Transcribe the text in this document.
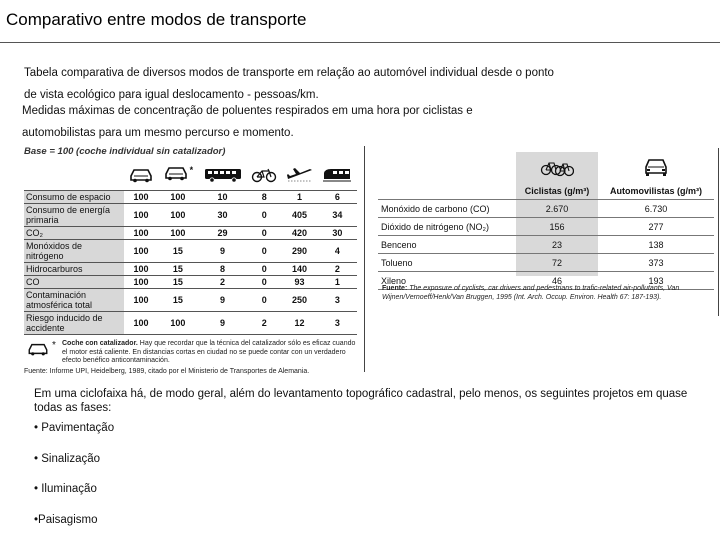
Comparativo entre modos de transporte
Tabela comparativa de diversos modos de transporte em relação ao automóvel individual desde o ponto
de vista ecológico para igual deslocamento - pessoas/km.
Medidas máximas de concentração de poluentes respirados em uma hora por ciclistas e
automobilistas para um mesmo percurso e momento.
Base = 100 (coche individual sin catalizador)

	*	

Consumo de espacio	100	100	10	8	1	6
Consumo de energía primaria	100	100	30	0	405	34
CO₂	100	100	29	0	420	30
Monóxidos de nitrógeno	100	15	9	0	290	4
Hidrocarburos	100	15	8	0	140	2
CO	100	15	2	0	93	1
Contaminación atmosférica total	100	15	9	0	250	3
Riesgo inducido de accidente	100	100	9	2	12	3
* Coche con catalizador. Hay que recordar que la técnica del catalizador sólo es eficaz cuando el motor está caliente. En distancias cortas en ciudad no se puede contar con un verdadero efecto benéfico anticontaminación.
Fuente: Informe UPI, Heidelberg, 1989, citado por el Ministerio de Transportes de Alemania.

	Ciclistas (g/m³)	Automovilistas (g/m³)
Monóxido de carbono (CO)	2.670	6.730
Dióxido de nitrógeno (NO₂)	156	277
Benceno	23	138
Tolueno	72	373
Xileno	46	193
Fuente: The exposure of cyclists, car drivers and pedestrians to trafic-related air-pollutants, Van Wijnen/Vernoeff/Henk/Van Bruggen, 1995 (Int. Arch. Occup. Environ. Health 67: 187-193).
Em uma ciclofaixa há, de modo geral, além do levantamento topográfico cadastral, pelo menos, os seguintes projetos em quase todas as fases:
• Pavimentação
• Sinalização
• Iluminação
•Paisagismo
